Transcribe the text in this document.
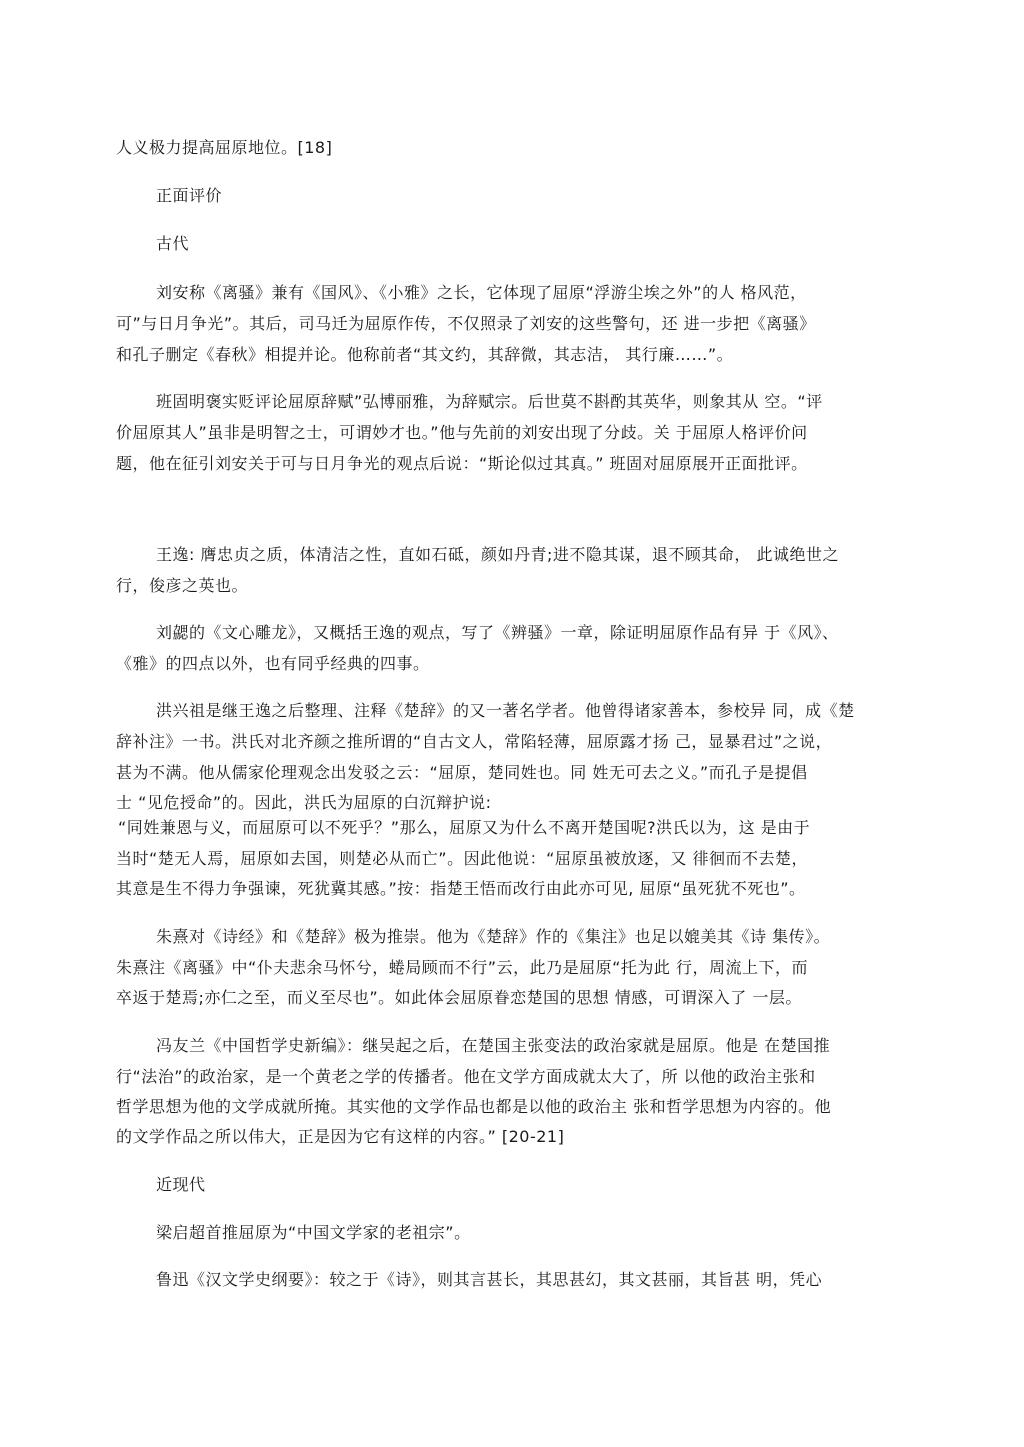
人义极力提高屈原地位。[18]
正面评价
古代
刘安称《离骚》兼有《国风》、《小雅》之长，它体现了屈原“浮游尘埃之外”的人 格风范，
可”与日月争光”。其后，司马迁为屈原作传，不仅照录了刘安的这些警句，还 进一步把《离骚》
和孔子删定《春秋》相提并论。他称前者“其文约，其辞微，其志洁， 其行廉……”。
班固明褒实贬评论屈原辞赋”弘博丽雅，为辞赋宗。后世莫不斟酌其英华，则象其从 空。“评
价屈原其人”虽非是明智之士，可谓妙才也。”他与先前的刘安出现了分歧。关 于屈原人格评价问
题，他在征引刘安关于可与日月争光的观点后说：“斯论似过其真。” 班固对屈原展开正面批评。
王逸: 膺忠贞之质，体清洁之性，直如石砥，颜如丹青;进不隐其谋，退不顾其命， 此诚绝世之
行，俊彦之英也。
刘勰的《文心雕龙》，又概括王逸的观点，写了《辨骚》一章，除证明屈原作品有异 于《风》、
《雅》的四点以外，也有同乎经典的四事。
洪兴祖是继王逸之后整理、注释《楚辞》的又一著名学者。他曾得诸家善本，参校异 同，成《楚
辞补注》一书。洪氏对北齐颜之推所谓的“自古文人，常陷轻薄，屈原露才扬 己，显暴君过”之说，
甚为不满。他从儒家伦理观念出发驳之云：“屈原，楚同姓也。同 姓无可去之义。”而孔子是提倡
士 “见危授命”的。因此，洪氏为屈原的白沉辩护说:
“同姓兼恩与义，而屈原可以不死乎？”那么，屈原又为什么不离开楚国呢?洪氏以为，这 是由于
当时“楚无人焉，屈原如去国，则楚必从而亡”。因此他说：“屈原虽被放逐，又 徘徊而不去楚，
其意是生不得力争强谏，死犹冀其感。”按：指楚王悟而改行由此亦可见, 屈原“虽死犹不死也”。
朱熹对《诗经》和《楚辞》极为推崇。他为《楚辞》作的《集注》也足以媲美其《诗 集传》。
朱熹注《离骚》中“仆夫悲余马怀兮，蜷局顾而不行”云，此乃是屈原“托为此 行，周流上下，而
卒返于楚焉;亦仁之至，而义至尽也”。如此体会屈原眷恋楚国的思想 情感，可谓深入了 一层。
冯友兰《中国哲学史新编》：继吴起之后，在楚国主张变法的政治家就是屈原。他是 在楚国推
行“法治”的政治家，是一个黄老之学的传播者。他在文学方面成就太大了，所 以他的政治主张和
哲学思想为他的文学成就所掩。其实他的文学作品也都是以他的政治主 张和哲学思想为内容的。他
的文学作品之所以伟大，正是因为它有这样的内容。” [20-21]
近现代
梁启超首推屈原为“中国文学家的老祖宗”。
鲁迅《汉文学史纲要》：较之于《诗》，则其言甚长，其思甚幻，其文甚丽，其旨甚 明，凭心
